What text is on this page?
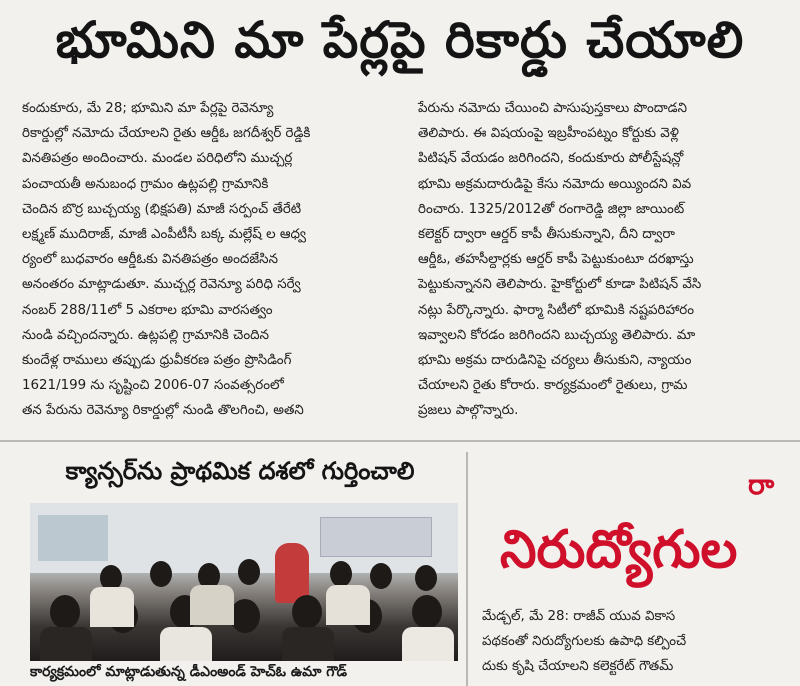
భూమిని మా పేర్లపై రికార్డు చేయాలి

కందుకూరు, మే 28; భూమిని మా పేర్లపై రెవెన్యూ

రికార్డుల్లో నమోదు చేయాలని రైతు ఆర్డీఓ జగదీశ్వర్ రెడ్డికి

వినతిపత్రం అందించారు. మండల పరిధిలోని ముచ్చర్ల

పంచాయతీ అనుబంధ గ్రామం ఉట్లపల్లి గ్రామానికి

చెందిన బొర్ర బుచ్చయ్య (భిక్షపతి) మాజీ సర్పంచ్ తేరేటి

లక్ష్మణ్ ముదిరాజ్, మాజీ ఎంపీటీసీ బక్క మల్లేష్ ల ఆధ్వ

ర్యంలో బుధవారం ఆర్డీఓకు వినతిపత్రం అందజేసిన

అనంతరం మాట్లాడుతూ. ముచ్చర్ల రెవెన్యూ పరిధి సర్వే

నంబర్ 288/11లో 5 ఎకరాల భూమి వారసత్వం

నుండి వచ్చిందన్నారు. ఉట్లపల్లి గ్రామానికి చెందిన

కుందేళ్ల రాములు తప్పుడు ధ్రువీకరణ పత్రం ప్రొసిడింగ్

1621/199 ను సృష్టించి 2006-07 సంవత్సరంలో

తన పేరును రెవెన్యూ రికార్డుల్లో నుండి తొలగించి, అతని

పేరును నమోదు చేయించి పాసుపుస్తకాలు పొందాడని

తెలిపారు. ఈ విషయంపై ఇబ్రహీంపట్నం కోర్టుకు వెళ్లి

పిటిషన్ వేయడం జరిగిందని, కందుకూరు పోలీస్టేషన్లో

భూమి అక్రమదారుడిపై కేసు నమోదు అయ్యిందని వివ

రించారు. 1325/2012తో రంగారెడ్డి జిల్లా జాయింట్

కలెక్టర్ ద్వారా ఆర్డర్ కాపీ తీసుకున్నాని, దీని ద్వారా

ఆర్డీఓ, తహసీల్దార్లకు ఆర్డర్ కాపీ పెట్టుకుంటూ దరఖాస్తు

పెట్టుకున్నానని తెలిపారు. హైకోర్టులో కూడా పిటిషన్ వేసి

నట్లు పేర్కొన్నారు. ఫార్మా సిటీలో భూమికి నష్టపరిహారం

ఇవ్వాలని కోరడం జరిగిందని బుచ్చయ్య తెలిపారు. మా

భూమి అక్రమ దారుడినిపై చర్యలు తీసుకుని, న్యాయం

చేయాలని రైతు కోరారు. కార్యక్రమంలో రైతులు, గ్రామ

ప్రజలు పాల్గొన్నారు.

క్యాన్సర్‌ను ప్రాథమిక దశలో గుర్తించాలి
కార్యక్రమంలో మాట్లాడుతున్న డీఎంఅండ్ హెచ్ఓ ఉమా గౌడ్
రా
నిరుద్యోగుల

మేడ్చల్, మే 28: రాజీవ్ యువ వికాస

పథకంతో నిరుద్యోగులకు ఉపాధి కల్పించే

దుకు కృషి చేయాలని కలెక్టరేట్ గౌతమ్
